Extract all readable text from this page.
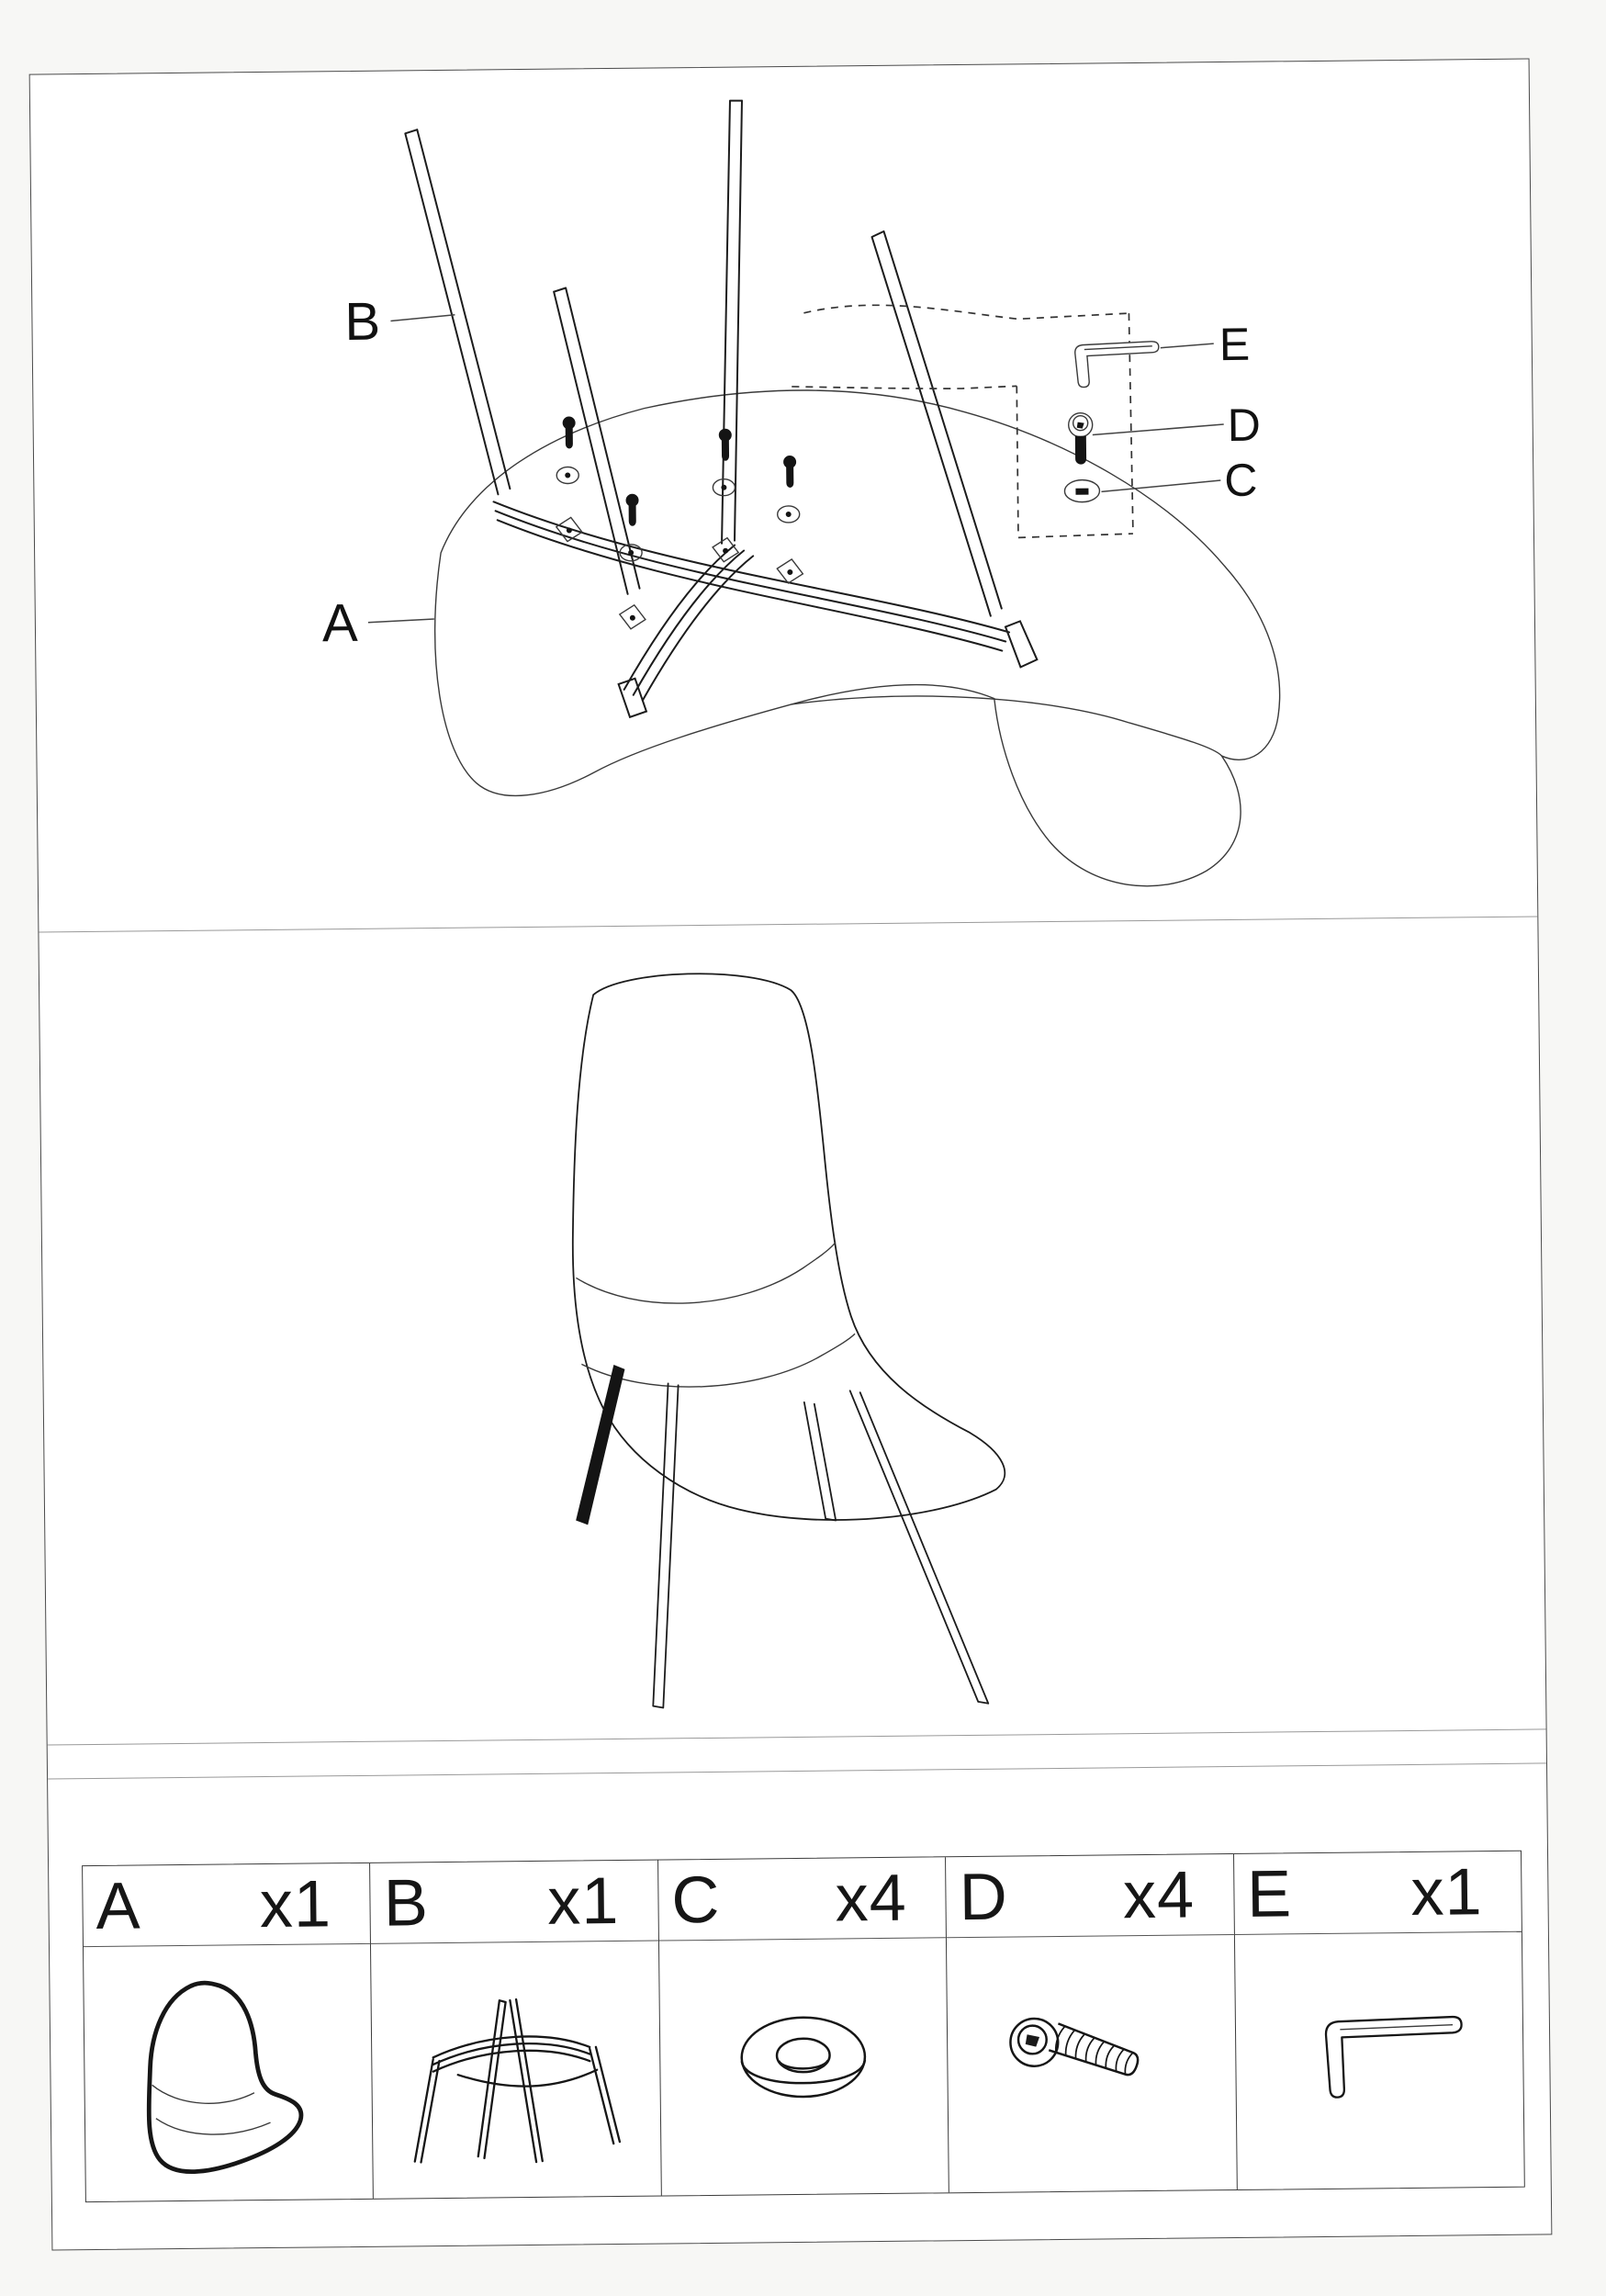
E
D
C
B
A
A x1 B x1 C x4 D x4 E x1
